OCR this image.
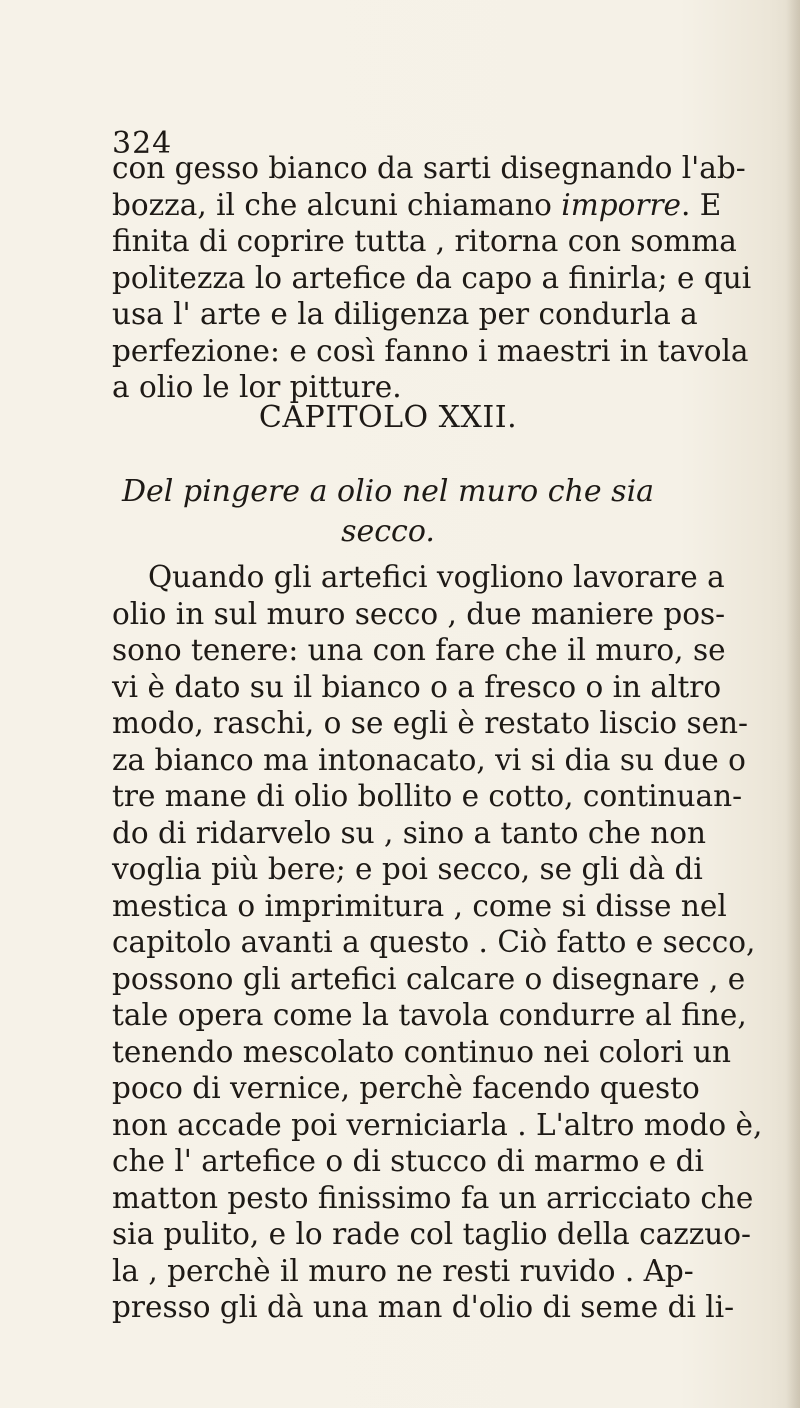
324
con gesso bianco da sarti disegnando l'ab-
bozza, il che alcuni chiamano imporre. E
finita di coprire tutta , ritorna con somma
politezza lo artefice da capo a finirla; e qui
usa l' arte e la diligenza per condurla a
perfezione: e così fanno i maestri in tavola
a olio le lor pitture.
CAPITOLO XXII.
Del pingere a olio nel muro che sia secco.
Quando gli artefici vogliono lavorare a
olio in sul muro secco , due maniere pos-
sono tenere: una con fare che il muro, se
vi è dato su il bianco o a fresco o in altro
modo, raschi, o se egli è restato liscio sen-
za bianco ma intonacato, vi si dia su due o
tre mane di olio bollito e cotto, continuan-
do di ridarvelo su , sino a tanto che non
voglia più bere; e poi secco, se gli dà di
mestica o imprimitura , come si disse nel
capitolo avanti a questo . Ciò fatto e secco,
possono gli artefici calcare o disegnare , e
tale opera come la tavola condurre al fine,
tenendo mescolato continuo nei colori un
poco di vernice, perchè facendo questo
non accade poi verniciarla . L'altro modo è,
che l' artefice o di stucco di marmo e di
matton pesto finissimo fa un arricciato che
sia pulito, e lo rade col taglio della cazzuo-
la , perchè il muro ne resti ruvido . Ap-
presso gli dà una man d'olio di seme di li-
